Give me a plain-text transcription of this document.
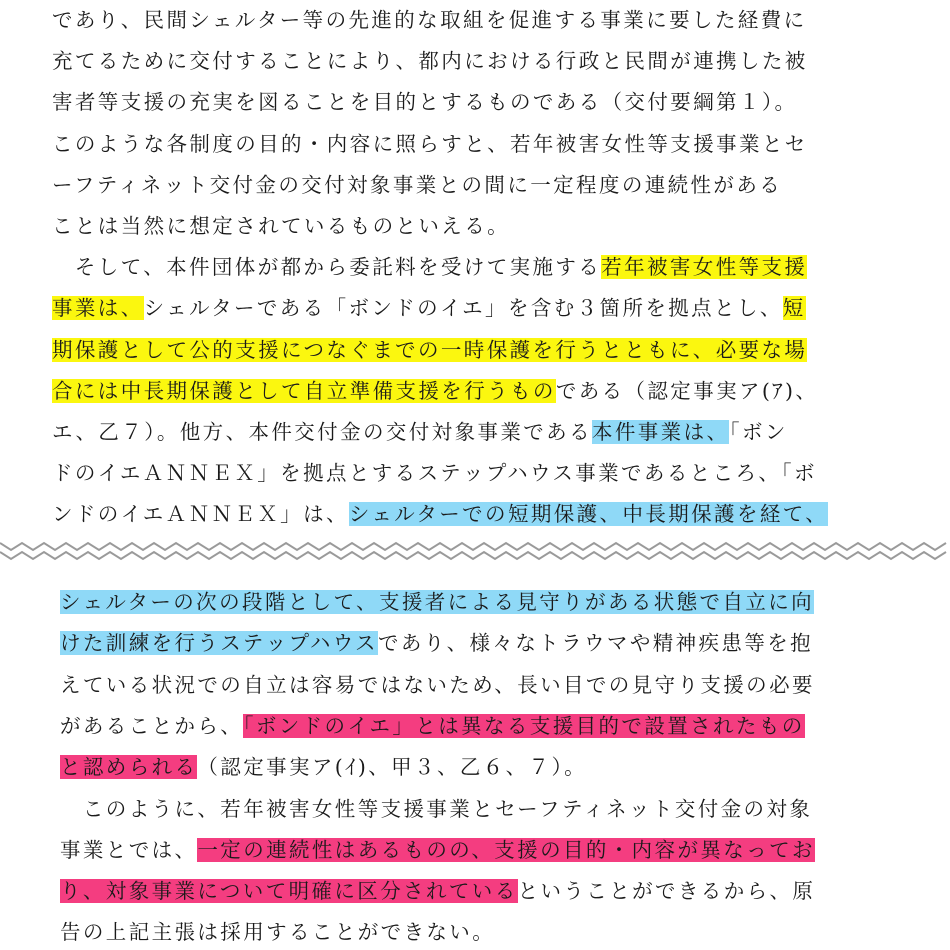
であり、民間シェルター等の先進的な取組を促進する事業に要した経費に
充てるために交付することにより、都内における行政と民間が連携した被
害者等支援の充実を図ることを目的とするものである（交付要綱第１）。
このような各制度の目的・内容に照らすと、若年被害女性等支援事業とセ
ーフティネット交付金の交付対象事業との間に一定程度の連続性がある
ことは当然に想定されているものといえる。
　そして、本件団体が都から委託料を受けて実施する若年被害女性等支援
事業は、シェルターである「ボンドのイエ」を含む３箇所を拠点とし、短
期保護として公的支援につなぐまでの一時保護を行うとともに、必要な場
合には中長期保護として自立準備支援を行うものである（認定事実ア(ｱ)、
エ、乙７）。他方、本件交付金の交付対象事業である本件事業は、「ボン
ドのイエＡＮＮＥＸ」を拠点とするステップハウス事業であるところ、「ボ
ンドのイエＡＮＮＥＸ」は、シェルターでの短期保護、中長期保護を経て、
シェルターの次の段階として、支援者による見守りがある状態で自立に向
けた訓練を行うステップハウスであり、様々なトラウマや精神疾患等を抱
えている状況での自立は容易ではないため、長い目での見守り支援の必要
があることから、「ボンドのイエ」とは異なる支援目的で設置されたもの
と認められる（認定事実ア(ｲ)、甲３、乙６、７）。
　このように、若年被害女性等支援事業とセーフティネット交付金の対象
事業とでは、一定の連続性はあるものの、支援の目的・内容が異なってお
り、対象事業について明確に区分されているということができるから、原
告の上記主張は採用することができない。
